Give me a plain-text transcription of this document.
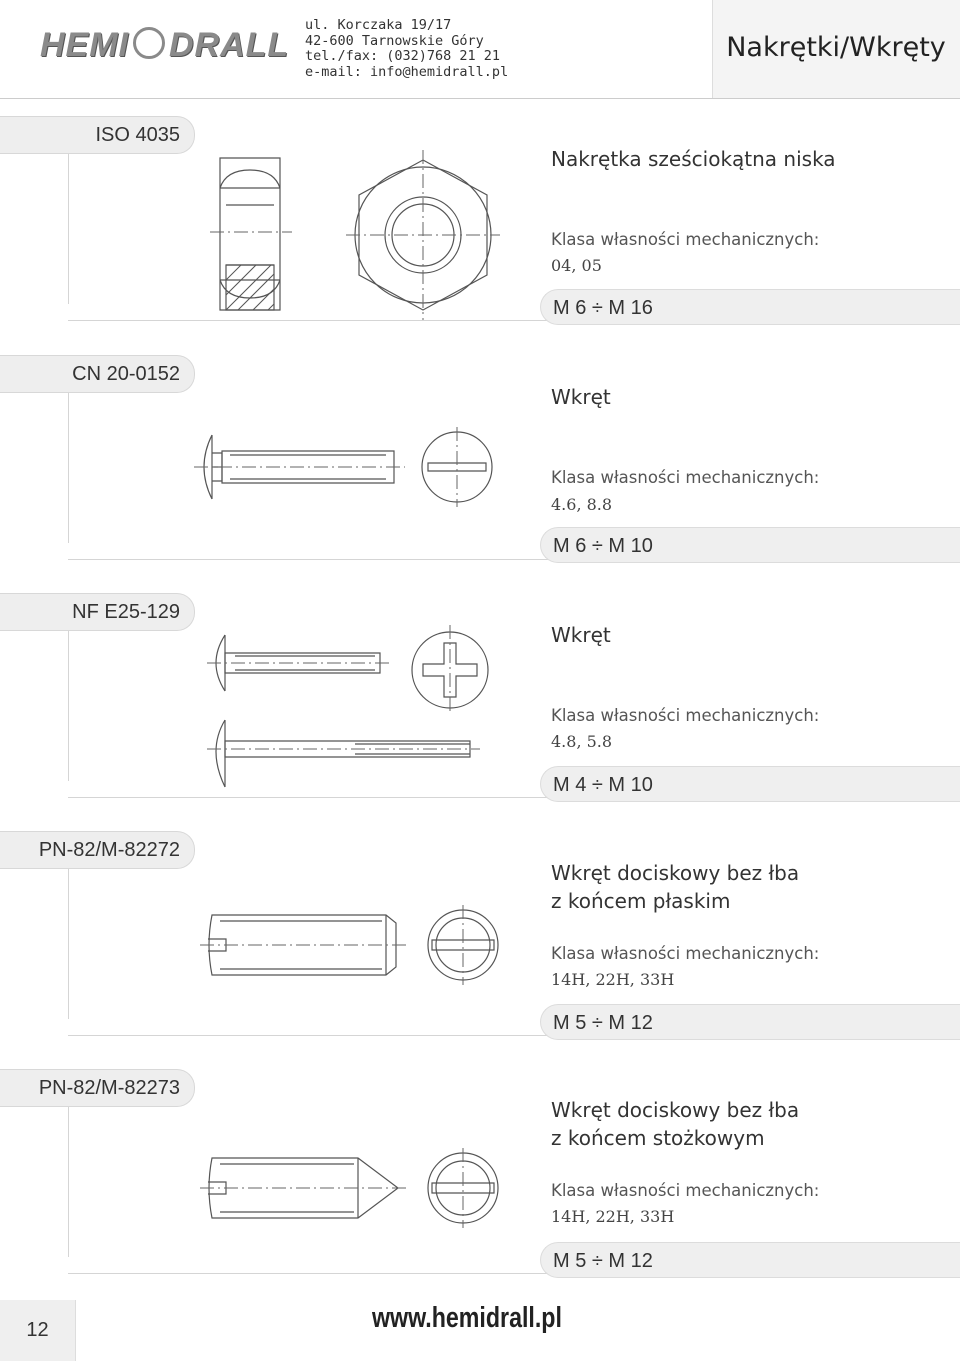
HEMI DRALL
ul. Korczaka 19/17
42-600 Tarnowskie Góry
tel./fax: (032)768 21 21
e-mail: info@hemidrall.pl
Nakrętki/Wkręty
ISO 4035
Nakrętka sześciokątna niska
Klasa własności mechanicznych:
04, 05
M 6 ÷ M 16
CN 20-0152
Wkręt
Klasa własności mechanicznych:
4.6, 8.8
M 6 ÷ M 10
NF E25-129
Wkręt
Klasa własności mechanicznych:
4.8, 5.8
M 4 ÷ M 10
PN-82/M-82272
Wkręt dociskowy bez łba
z końcem płaskim
Klasa własności mechanicznych:
14H, 22H, 33H
M 5 ÷ M 12
PN-82/M-82273
Wkręt dociskowy bez łba
z końcem stożkowym
Klasa własności mechanicznych:
14H, 22H, 33H
M 5 ÷ M 12
12	www.hemidrall.pl
